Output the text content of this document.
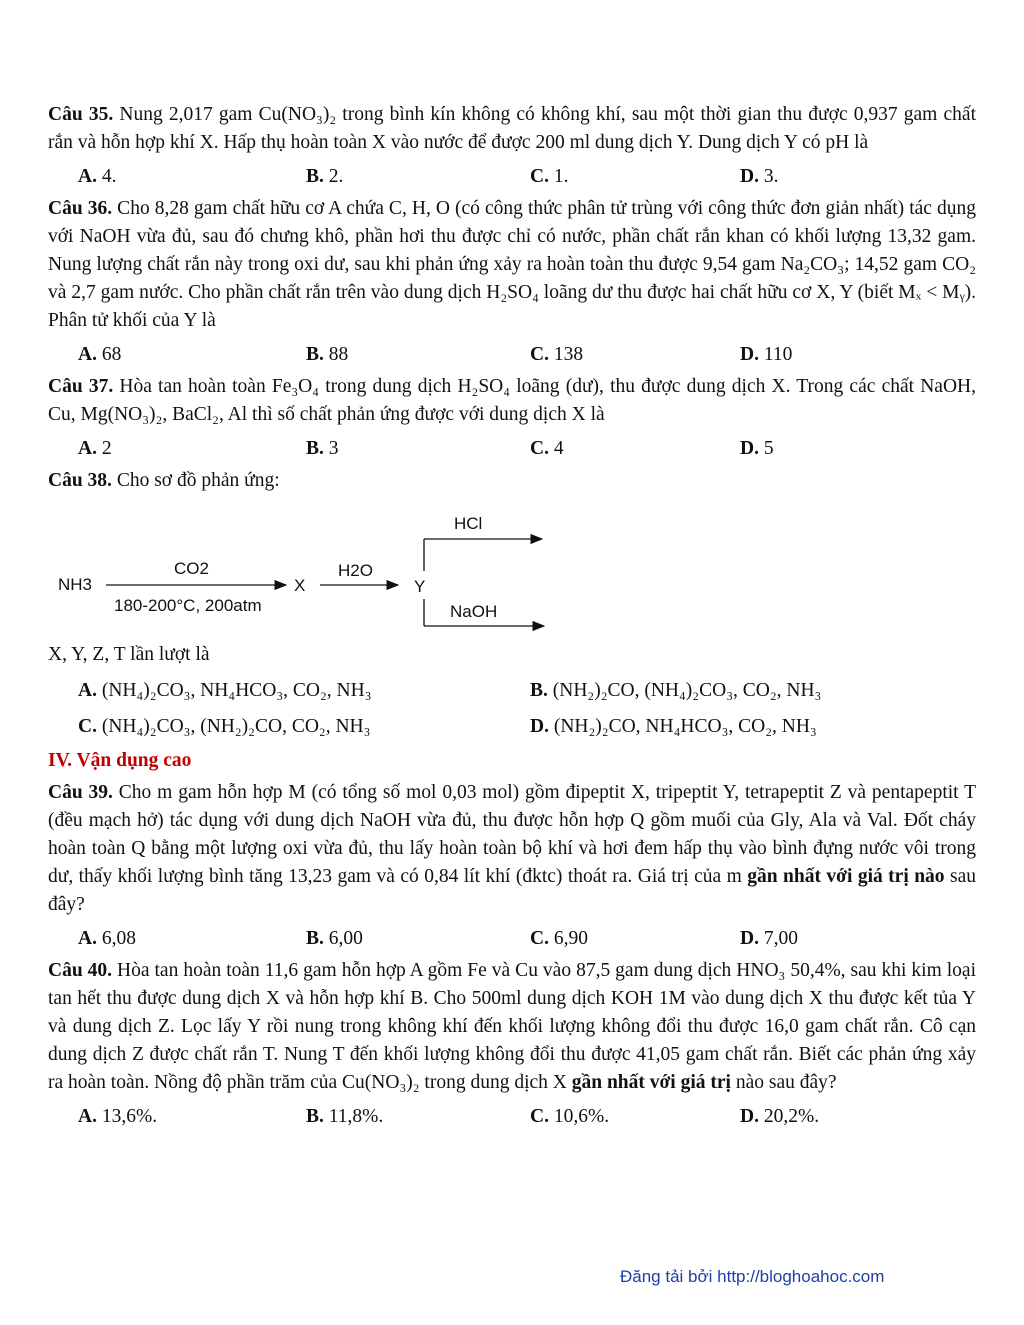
Câu 35. Nung 2,017 gam Cu(NO₃)₂ trong bình kín không có không khí, sau một thời gian thu được 0,937 gam chất rắn và hỗn hợp khí X. Hấp thụ hoàn toàn X vào nước để được 200 ml dung dịch Y. Dung dịch Y có pH là

A. 4.	B. 2.	C. 1.	D. 3.

Câu 36. Cho 8,28 gam chất hữu cơ A chứa C, H, O (có công thức phân tử trùng với công thức đơn giản nhất) tác dụng với NaOH vừa đủ, sau đó chưng khô, phần hơi thu được chỉ có nước, phần chất rắn khan có khối lượng 13,32 gam. Nung lượng chất rắn này trong oxi dư, sau khi phản ứng xảy ra hoàn toàn thu được 9,54 gam Na₂CO₃; 14,52 gam CO₂ và 2,7 gam nước. Cho phần chất rắn trên vào dung dịch H₂SO₄ loãng dư thu được hai chất hữu cơ X, Y (biết Mₓ < Mᵧ). Phân tử khối của Y là

A. 68	B. 88	C. 138	D. 110

Câu 37. Hòa tan hoàn toàn Fe₃O₄ trong dung dịch H₂SO₄ loãng (dư), thu được dung dịch X. Trong các chất NaOH, Cu, Mg(NO₃)₂, BaCl₂, Al thì số chất phản ứng được với dung dịch X là

A. 2	B. 3	C. 4	D. 5

Câu 38. Cho sơ đồ phản ứng:

NH3
CO2
180-200°C, 200atm
X
H2O
Y
HCl
NaOH

X, Y, Z, T lần lượt là

A. (NH₄)₂CO₃, NH₄HCO₃, CO₂, NH₃	B. (NH₂)₂CO, (NH₄)₂CO₃, CO₂, NH₃
C. (NH₄)₂CO₃, (NH₂)₂CO, CO₂, NH₃	D. (NH₂)₂CO, NH₄HCO₃, CO₂, NH₃

IV. Vận dụng cao

Câu 39. Cho m gam hỗn hợp M (có tổng số mol 0,03 mol) gồm đipeptit X, tripeptit Y, tetrapeptit Z và pentapeptit T (đều mạch hở) tác dụng với dung dịch NaOH vừa đủ, thu được hỗn hợp Q gồm muối của Gly, Ala và Val. Đốt cháy hoàn toàn Q bằng một lượng oxi vừa đủ, thu lấy hoàn toàn bộ khí và hơi đem hấp thụ vào bình đựng nước vôi trong dư, thấy khối lượng bình tăng 13,23 gam và có 0,84 lít khí (đktc) thoát ra. Giá trị của m gần nhất với giá trị nào sau đây?

A. 6,08	B. 6,00	C. 6,90	D. 7,00

Câu 40. Hòa tan hoàn toàn 11,6 gam hỗn hợp A gồm Fe và Cu vào 87,5 gam dung dịch HNO₃ 50,4%, sau khi kim loại tan hết thu được dung dịch X và hỗn hợp khí B. Cho 500ml dung dịch KOH 1M vào dung dịch X thu được kết tủa Y và dung dịch Z. Lọc lấy Y rồi nung trong không khí đến khối lượng không đổi thu được 16,0 gam chất rắn. Cô cạn dung dịch Z được chất rắn T. Nung T đến khối lượng không đổi thu được 41,05 gam chất rắn. Biết các phản ứng xảy ra hoàn toàn. Nồng độ phần trăm của Cu(NO₃)₂ trong dung dịch X gần nhất với giá trị nào sau đây?

A. 13,6%.	B. 11,8%.	C. 10,6%.	D. 20,2%.
Đăng tải bởi http://bloghoahoc.com
